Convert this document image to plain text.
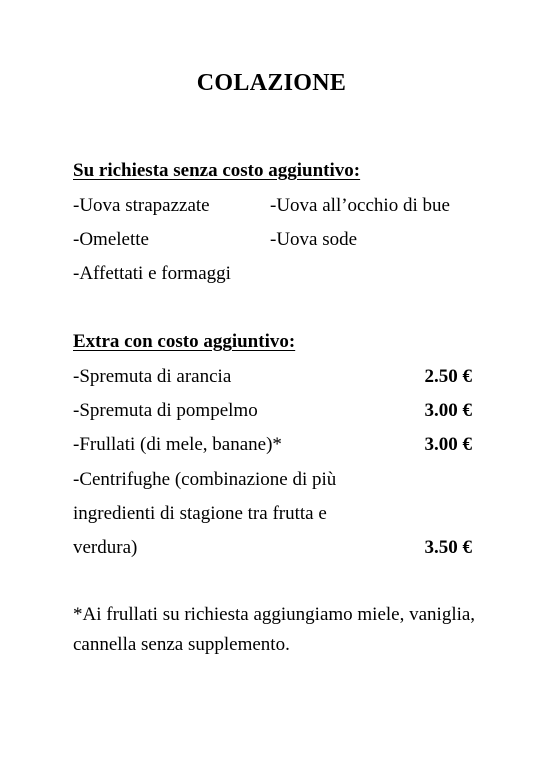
COLAZIONE
Su richiesta senza costo aggiuntivo:
-Uova strapazzate	-Uova all’occhio di bue
-Omelette	-Uova sode
-Affettati e formaggi
Extra con costo aggiuntivo:
-Spremuta di arancia	2.50 €
-Spremuta di pompelmo	3.00 €
-Frullati (di mele, banane)*	3.00 €
-Centrifughe (combinazione di più
ingredienti di stagione tra frutta e
verdura)	3.50 €
*Ai frullati su richiesta aggiungiamo miele, vaniglia, cannella senza supplemento.
